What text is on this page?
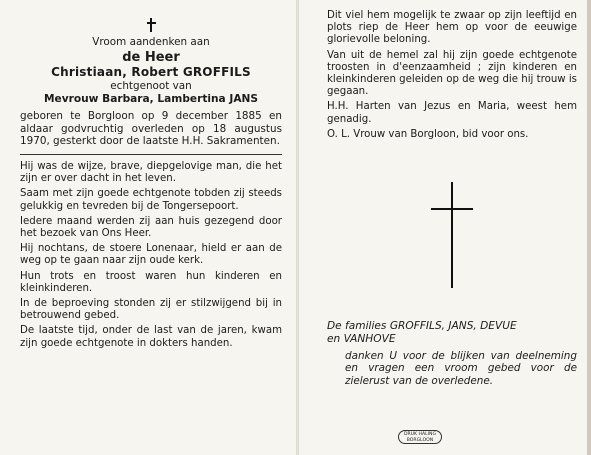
Vroom aandenken aan

de Heer

Christiaan, Robert GROFFILS

echtgenoot van

Mevrouw Barbara, Lambertina JANS

geboren te Borgloon op 9 december 1885 en aldaar godvruchtig overleden op 18 augustus 1970, gesterkt door de laatste H.H. Sakramenten.

Hij was de wijze, brave, diepgelovige man, die het zijn er over dacht in het leven.

Saam met zijn goede echtgenote tobden zij steeds gelukkig en tevreden bij de Tongersepoort.

Iedere maand werden zij aan huis gezegend door het bezoek van Ons Heer.

Hij nochtans, de stoere Lonenaar, hield er aan de weg op te gaan naar zijn oude kerk.

Hun trots en troost waren hun kinderen en kleinkinderen.

In de beproeving stonden zij er stilzwijgend bij in betrouwend gebed.

De laatste tijd, onder de last van de jaren, kwam zijn goede echtgenote in dokters handen.

Dit viel hem mogelijk te zwaar op zijn leeftijd en plots riep de Heer hem op voor de eeuwige glorievolle beloning.

Van uit de hemel zal hij zijn goede echtgenote troosten in d'eenzaamheid ; zijn kinderen en kleinkinderen geleiden op de weg die hij trouw is gegaan.

H.H. Harten van Jezus en Maria, weest hem genadig.

O. L. Vrouw van Borgloon, bid voor ons.

De families GROFFILS, JANS, DEVUE

en VANHOVE

danken U voor de blijken van deelneming en vragen een vroom gebed voor de zielerust van de overledene.

DRUK HALING
BORGLOON
